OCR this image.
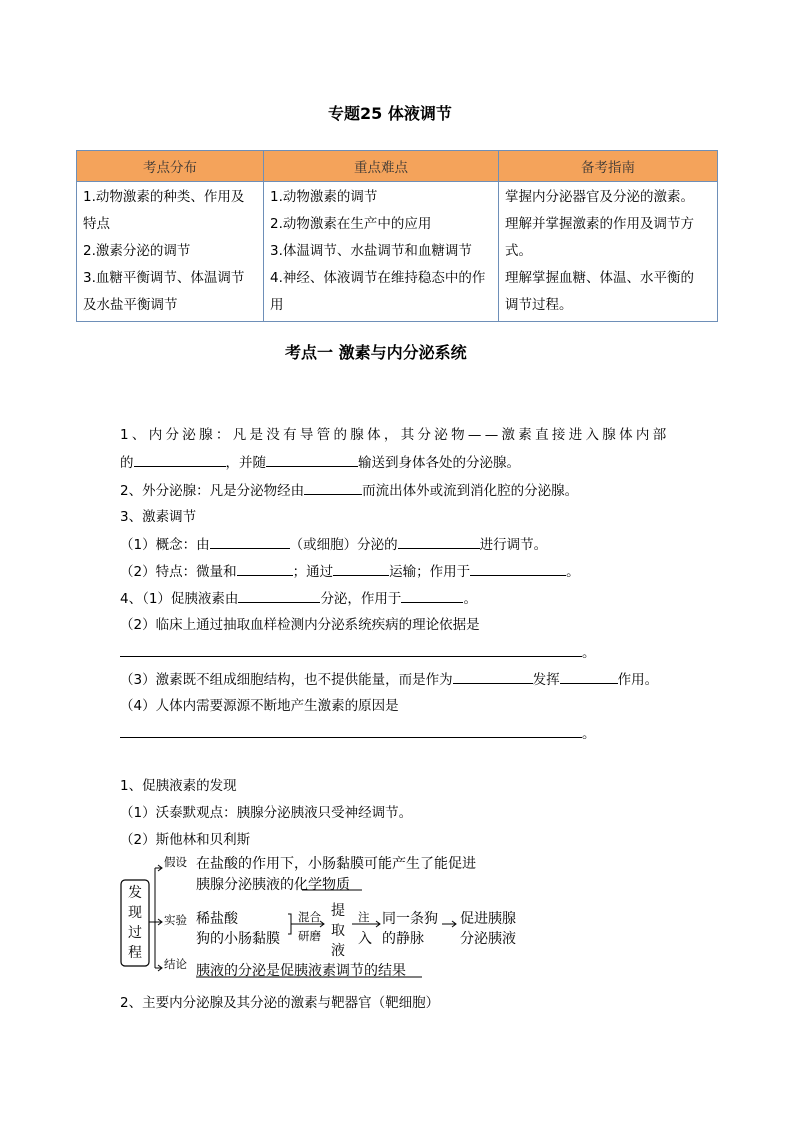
专题25 体液调节
考点分布	重点难点	备考指南

1.动物激素的种类、作用及
特点
2.激素分泌的调节
3.血糖平衡调节、体温调节
及水盐平衡调节	1.动物激素的调节
2.动物激素在生产中的应用
3.体温调节、水盐调节和血糖调节
4.神经、体液调节在维持稳态中的作
用	掌握内分泌器官及分泌的激素。
理解并掌握激素的作用及调节方
式。
理解掌握血糖、体温、水平衡的
调节过程。
考点一 激素与内分泌系统
1、内分泌腺：凡是没有导管的腺体，其分泌物——激素直接进入腺体内部
的	，并随	输送到身体各处的分泌腺。
2、外分泌腺：凡是分泌物经由	而流出体外或流到消化腔的分泌腺。
3、激素调节
（1）概念：由	（或细胞）分泌的	进行调节。
（2）特点：微量和	；通过	运输；作用于	。
4、（1）促胰液素由	分泌，作用于	。
（2）临床上通过抽取血样检测内分泌系统疾病的理论依据是
。
（3）激素既不组成细胞结构，也不提供能量，而是作为	发挥	作用。
（4）人体内需要源源不断地产生激素的原因是
。
1、促胰液素的发现
（1）沃泰默观点：胰腺分泌胰液只受神经调节。
（2）斯他林和贝利斯
发
现
过
程
假设 在盐酸的作用下，小肠黏膜可能产生了能促进
胰腺分泌胰液的化学物质
实验 稀盐酸
狗的小肠黏膜
混合
研磨
提
取
液
注
入
同一条狗
的静脉
促进胰腺
分泌胰液
结论 胰液的分泌是促胰液素调节的结果
2、主要内分泌腺及其分泌的激素与靶器官（靶细胞）
